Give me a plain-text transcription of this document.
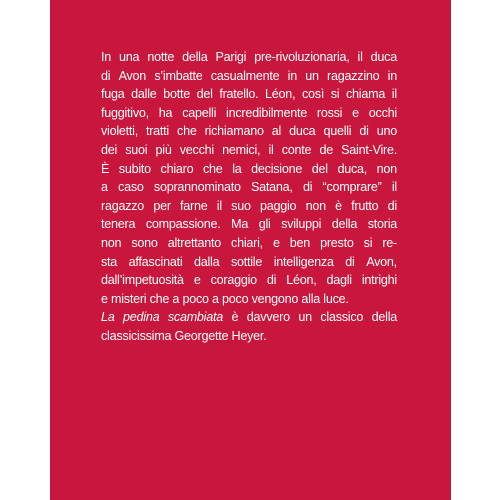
In una notte della Parigi pre-rivoluzionaria, il duca
di Avon s’imbatte casualmente in un ragazzino in
fuga dalle botte del fratello. Léon, così si chiama il
fuggitivo, ha capelli incredibilmente rossi e occhi
violetti, tratti che richiamano al duca quelli di uno
dei suoi più vecchi nemici, il conte de Saint-Vire.
È subito chiaro che la decisione del duca, non
a caso soprannominato Satana, di “comprare” il
ragazzo per farne il suo paggio non è frutto di
tenera compassione. Ma gli sviluppi della storia
non sono altrettanto chiari, e ben presto si re-
sta affascinati dalla sottile intelligenza di Avon,
dall’impetuosità e coraggio di Léon, dagli intrighi
e misteri che a poco a poco vengono alla luce.
La pedina scambiata è davvero un classico della
classicissima Georgette Heyer.
